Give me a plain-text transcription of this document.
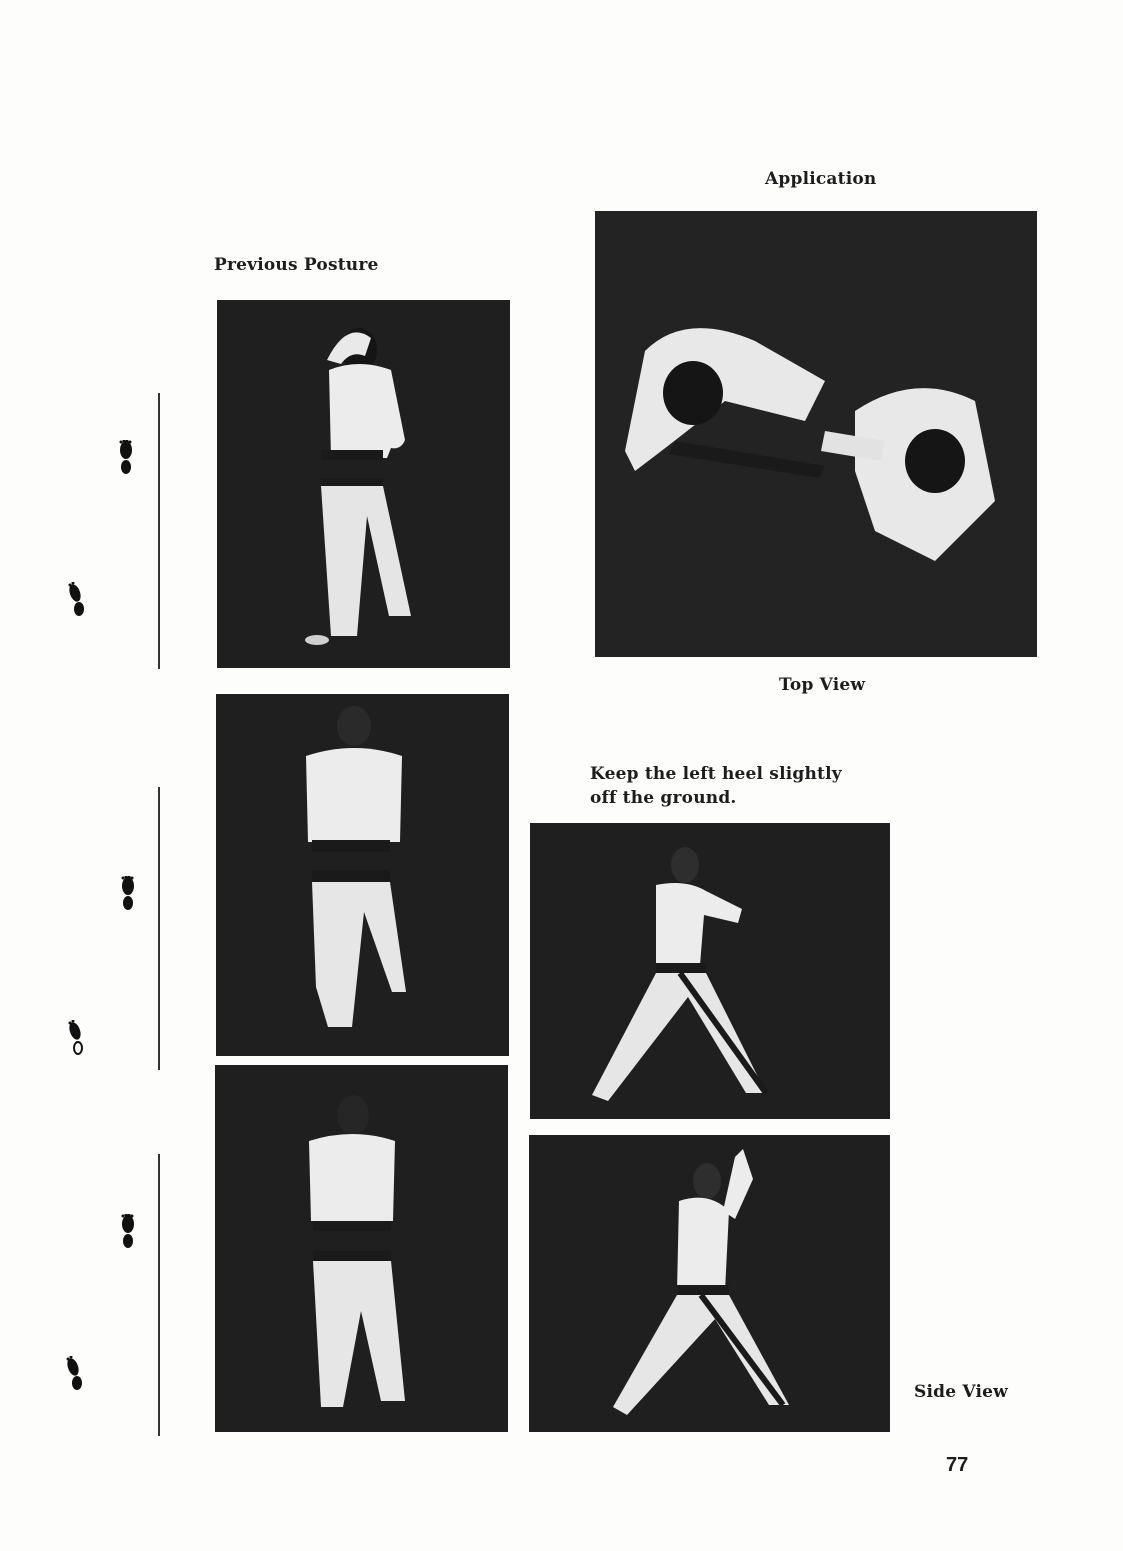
Previous Posture
Application
Top View
Keep the left heel slightly
off the ground.
Side View
77
